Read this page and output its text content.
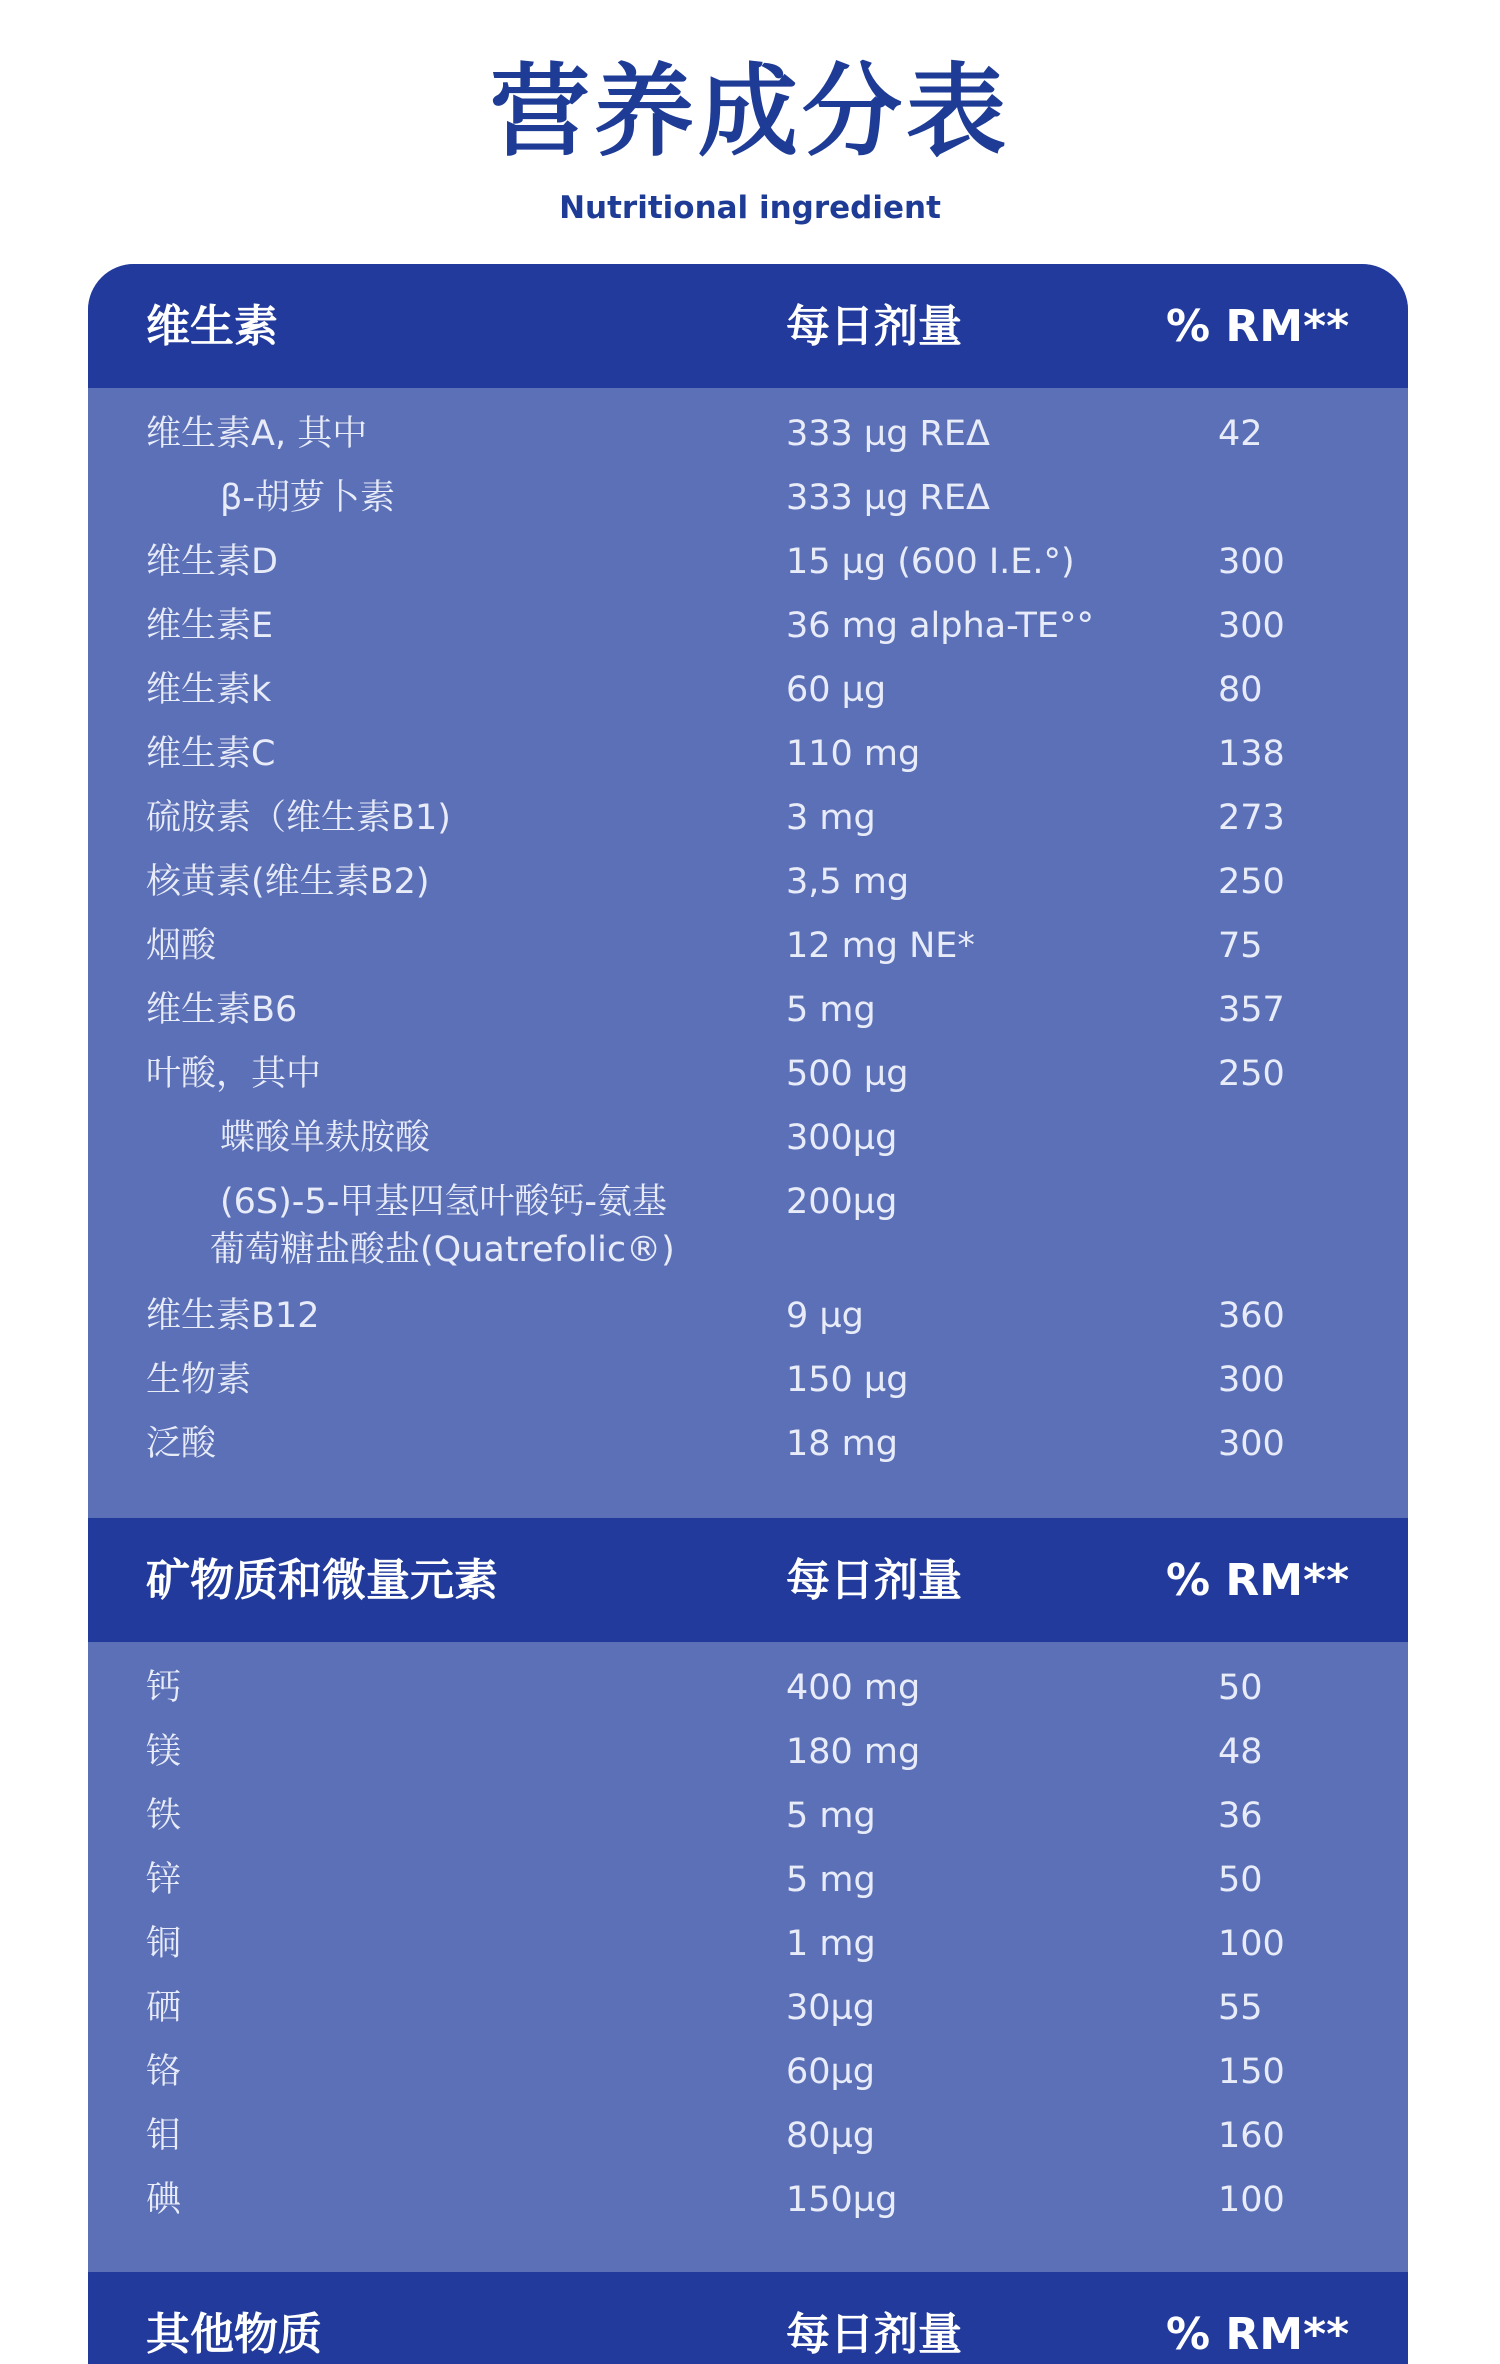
营养成分表
Nutritional ingredient
维生素	每日剂量	% RM**
维生素A, 其中	333 µg REΔ	42
β-胡萝卜素	333 µg REΔ
维生素D	15 µg (600 I.E.°)	300
维生素E	36 mg alpha-TE°°	300
维生素k	60 µg	80
维生素C	110 mg	138
硫胺素（维生素B1)	3 mg	273
核黄素(维生素B2)	3,5 mg	250
烟酸	12 mg NE*	75
维生素B6	5 mg	357
叶酸，其中	500 µg	250
蝶酸单麸胺酸	300µg
(6S)-5-甲基四氢叶酸钙-氨基	200µg
葡萄糖盐酸盐(Quatrefolic®)
维生素B12	9 µg	360
生物素	150 µg	300
泛酸	18 mg	300
矿物质和微量元素	每日剂量	% RM**
钙	400 mg	50
镁	180 mg	48
铁	5 mg	36
锌	5 mg	50
铜	1 mg	100
硒	30µg	55
铬	60µg	150
钼	80µg	160
碘	150µg	100
其他物质	每日剂量	% RM**
